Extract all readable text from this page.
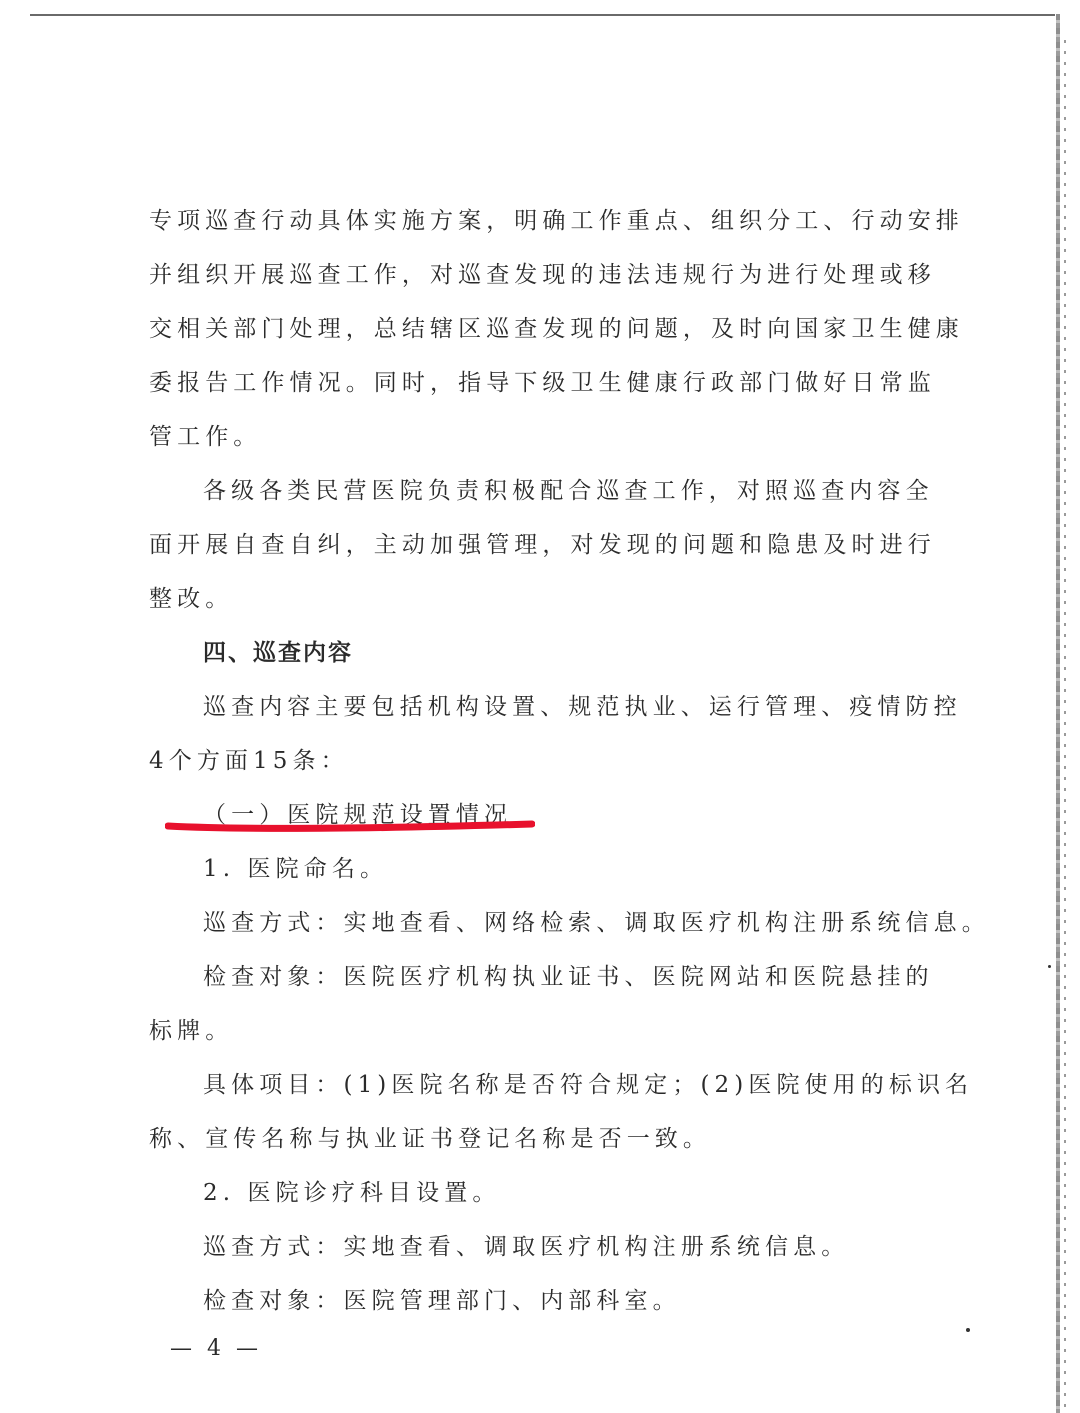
专项巡查行动具体实施方案，明确工作重点、组织分工、行动安排
并组织开展巡查工作，对巡查发现的违法违规行为进行处理或移
交相关部门处理，总结辖区巡查发现的问题，及时向国家卫生健康
委报告工作情况。同时，指导下级卫生健康行政部门做好日常监
管工作。
各级各类民营医院负责积极配合巡查工作，对照巡查内容全
面开展自查自纠，主动加强管理，对发现的问题和隐患及时进行
整改。
四、巡查内容
巡查内容主要包括机构设置、规范执业、运行管理、疫情防控
4个方面15条：
（一）医院规范设置情况
1. 医院命名。
巡查方式：实地查看、网络检索、调取医疗机构注册系统信息。
检查对象：医院医疗机构执业证书、医院网站和医院悬挂的
标牌。
具体项目：(1)医院名称是否符合规定；(2)医院使用的标识名
称、宣传名称与执业证书登记名称是否一致。
2. 医院诊疗科目设置。
巡查方式：实地查看、调取医疗机构注册系统信息。
检查对象：医院管理部门、内部科室。
— 4 —
